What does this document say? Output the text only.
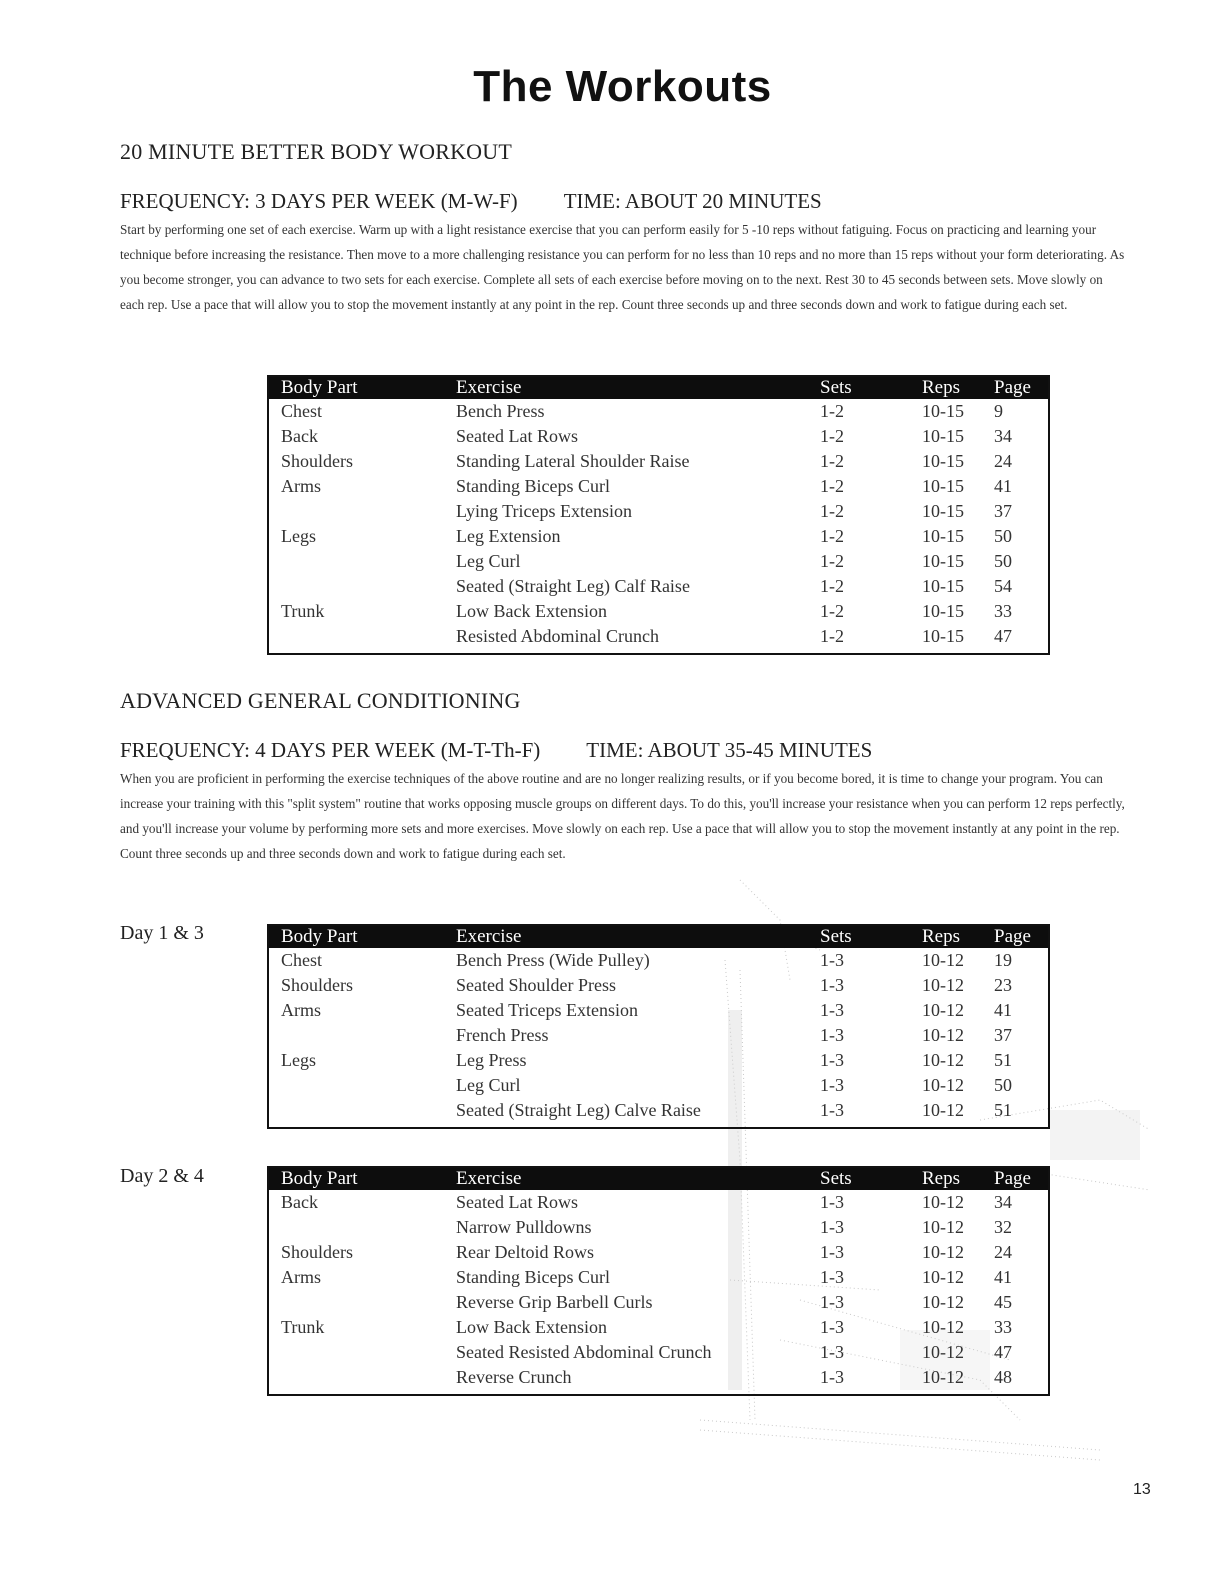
The Workouts
20 MINUTE BETTER BODY WORKOUT
FREQUENCY: 3 DAYS PER WEEK (M-W-F) TIME: ABOUT 20 MINUTES
Start by performing one set of each exercise. Warm up with a light resistance exercise that you can perform easily for 5 -10 reps without fatiguing. Focus on practicing and learning your technique before increasing the resistance. Then move to a more challenging resistance you can perform for no less than 10 reps and no more than 15 reps without your form deteriorating. As you become stronger, you can advance to two sets for each exercise. Complete all sets of each exercise before moving on to the next. Rest 30 to 45 seconds between sets. Move slowly on each rep. Use a pace that will allow you to stop the movement instantly at any point in the rep. Count three seconds up and three seconds down and work to fatigue during each set.
Body Part	Exercise	Sets	Reps	Page
Chest	Bench Press	1-2	10-15	9
Back	Seated Lat Rows	1-2	10-15	34
Shoulders	Standing Lateral Shoulder Raise	1-2	10-15	24
Arms	Standing Biceps Curl	1-2	10-15	41
	Lying Triceps Extension	1-2	10-15	37
Legs	Leg Extension	1-2	10-15	50
	Leg Curl	1-2	10-15	50
	Seated (Straight Leg) Calf Raise	1-2	10-15	54
Trunk	Low Back Extension	1-2	10-15	33
	Resisted Abdominal Crunch	1-2	10-15	47
ADVANCED GENERAL CONDITIONING
FREQUENCY: 4 DAYS PER WEEK (M-T-Th-F) TIME: ABOUT 35-45 MINUTES
When you are proficient in performing the exercise techniques of the above routine and are no longer realizing results, or if you become bored, it is time to change your program. You can increase your training with this "split system" routine that works opposing muscle groups on different days. To do this, you'll increase your resistance when you can perform 12 reps perfectly, and you'll increase your volume by performing more sets and more exercises. Move slowly on each rep. Use a pace that will allow you to stop the movement instantly at any point in the rep. Count three seconds up and three seconds down and work to fatigue during each set.
Day 1 & 3	Body Part	Exercise	Sets	Reps	Page
Chest	Bench Press (Wide Pulley)	1-3	10-12	19
Shoulders	Seated Shoulder Press	1-3	10-12	23
Arms	Seated Triceps Extension	1-3	10-12	41
	French Press	1-3	10-12	37
Legs	Leg Press	1-3	10-12	51
	Leg Curl	1-3	10-12	50
	Seated (Straight Leg) Calve Raise	1-3	10-12	51
Day 2 & 4	Body Part	Exercise	Sets	Reps	Page
Back	Seated Lat Rows	1-3	10-12	34
	Narrow Pulldowns	1-3	10-12	32
Shoulders	Rear Deltoid Rows	1-3	10-12	24
Arms	Standing Biceps Curl	1-3	10-12	41
	Reverse Grip Barbell Curls	1-3	10-12	45
Trunk	Low Back Extension	1-3	10-12	33
	Seated Resisted Abdominal Crunch	1-3	10-12	47
	Reverse Crunch	1-3	10-12	48
13
